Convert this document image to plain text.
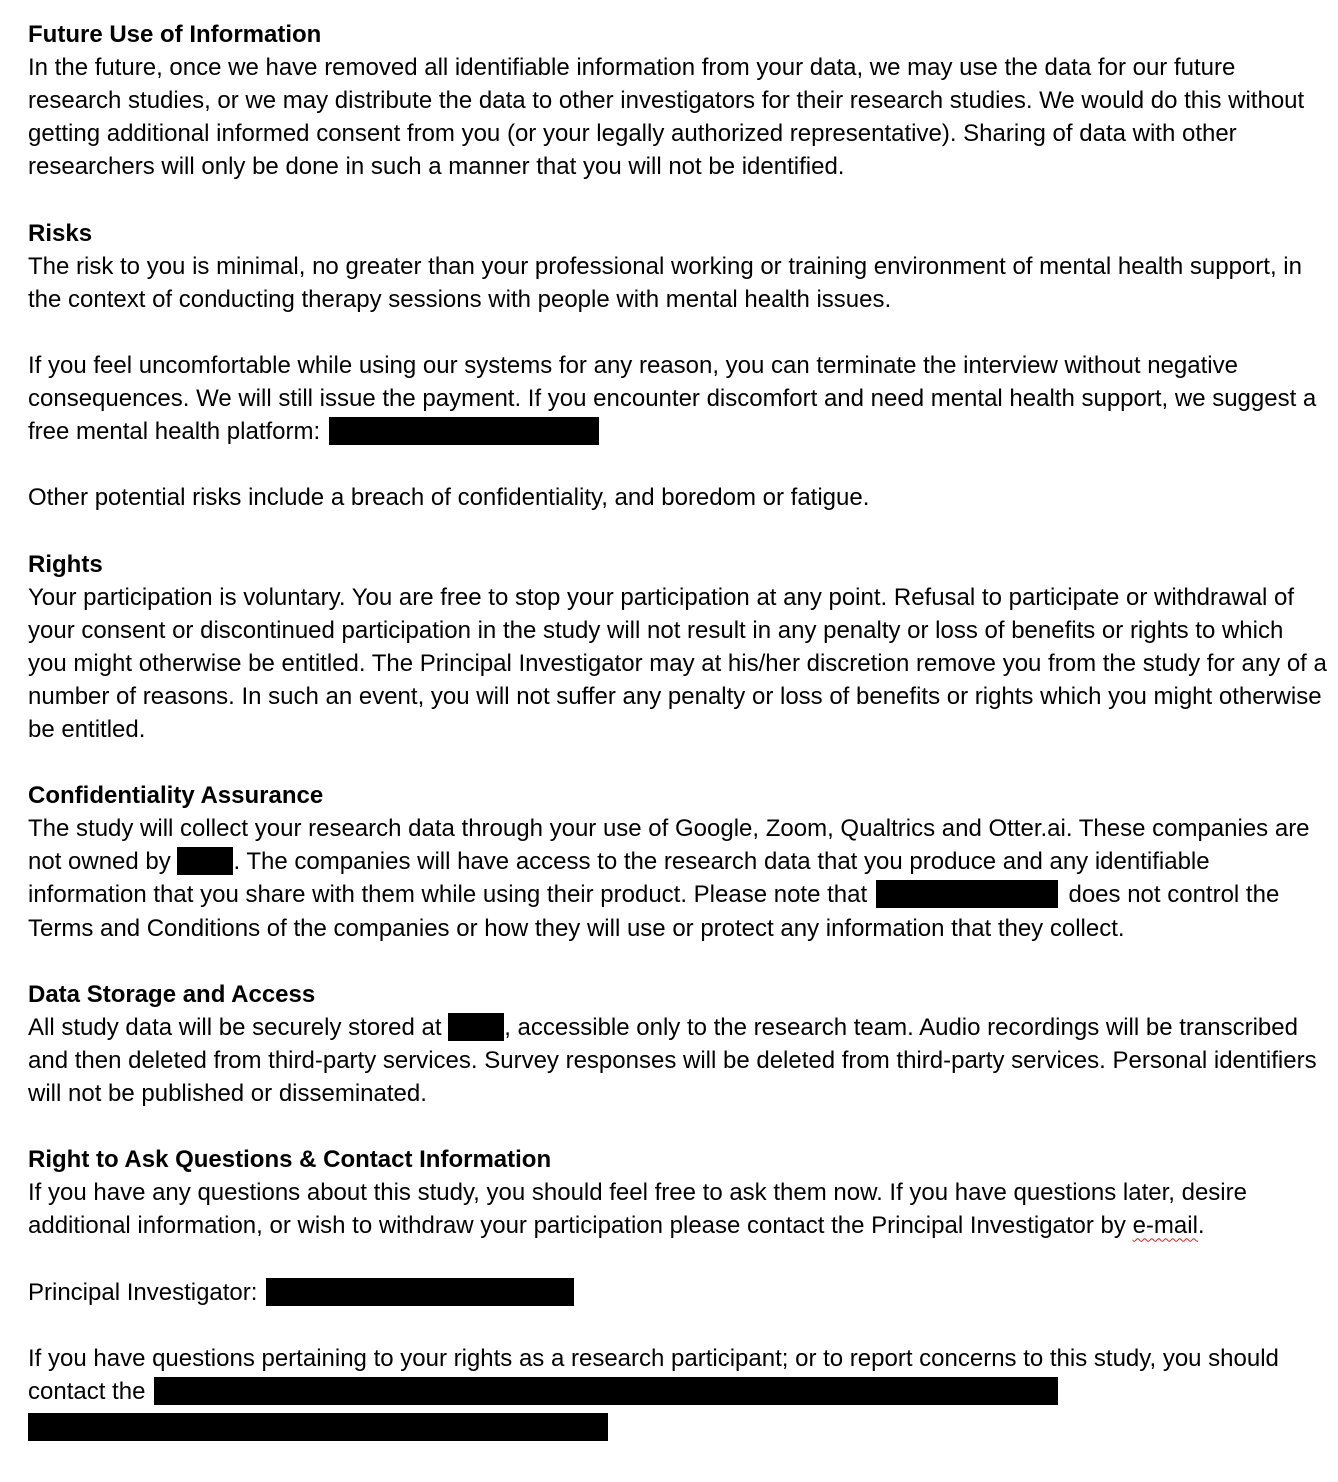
Future Use of Information
In the future, once we have removed all identifiable information from your data, we may use the data for our future research studies, or we may distribute the data to other investigators for their research studies. We would do this without getting additional informed consent from you (or your legally authorized representative). Sharing of data with other researchers will only be done in such a manner that you will not be identified.
Risks
The risk to you is minimal, no greater than your professional working or training environment of mental health support, in the context of conducting therapy sessions with people with mental health issues.
If you feel uncomfortable while using our systems for any reason, you can terminate the interview without negative consequences. We will still issue the payment. If you encounter discomfort and need mental health support, we suggest a free mental health platform:
Other potential risks include a breach of confidentiality, and boredom or fatigue.
Rights
Your participation is voluntary. You are free to stop your participation at any point. Refusal to participate or withdrawal of your consent or discontinued participation in the study will not result in any penalty or loss of benefits or rights to which you might otherwise be entitled. The Principal Investigator may at his/her discretion remove you from the study for any of a number of reasons. In such an event, you will not suffer any penalty or loss of benefits or rights which you might otherwise be entitled.
Confidentiality Assurance
The study will collect your research data through your use of Google, Zoom, Qualtrics and Otter.ai. These companies are not owned by	. The companies will have access to the research data that you produce and any identifiable information that you share with them while using their product. Please note that	does not control the Terms and Conditions of the companies or how they will use or protect any information that they collect.
Data Storage and Access
All study data will be securely stored at	, accessible only to the research team. Audio recordings will be transcribed and then deleted from third-party services. Survey responses will be deleted from third-party services. Personal identifiers will not be published or disseminated.
Right to Ask Questions & Contact Information
If you have any questions about this study, you should feel free to ask them now. If you have questions later, desire additional information, or wish to withdraw your participation please contact the Principal Investigator by e-mail.
Principal Investigator:
If you have questions pertaining to your rights as a research participant; or to report concerns to this study, you should contact the
